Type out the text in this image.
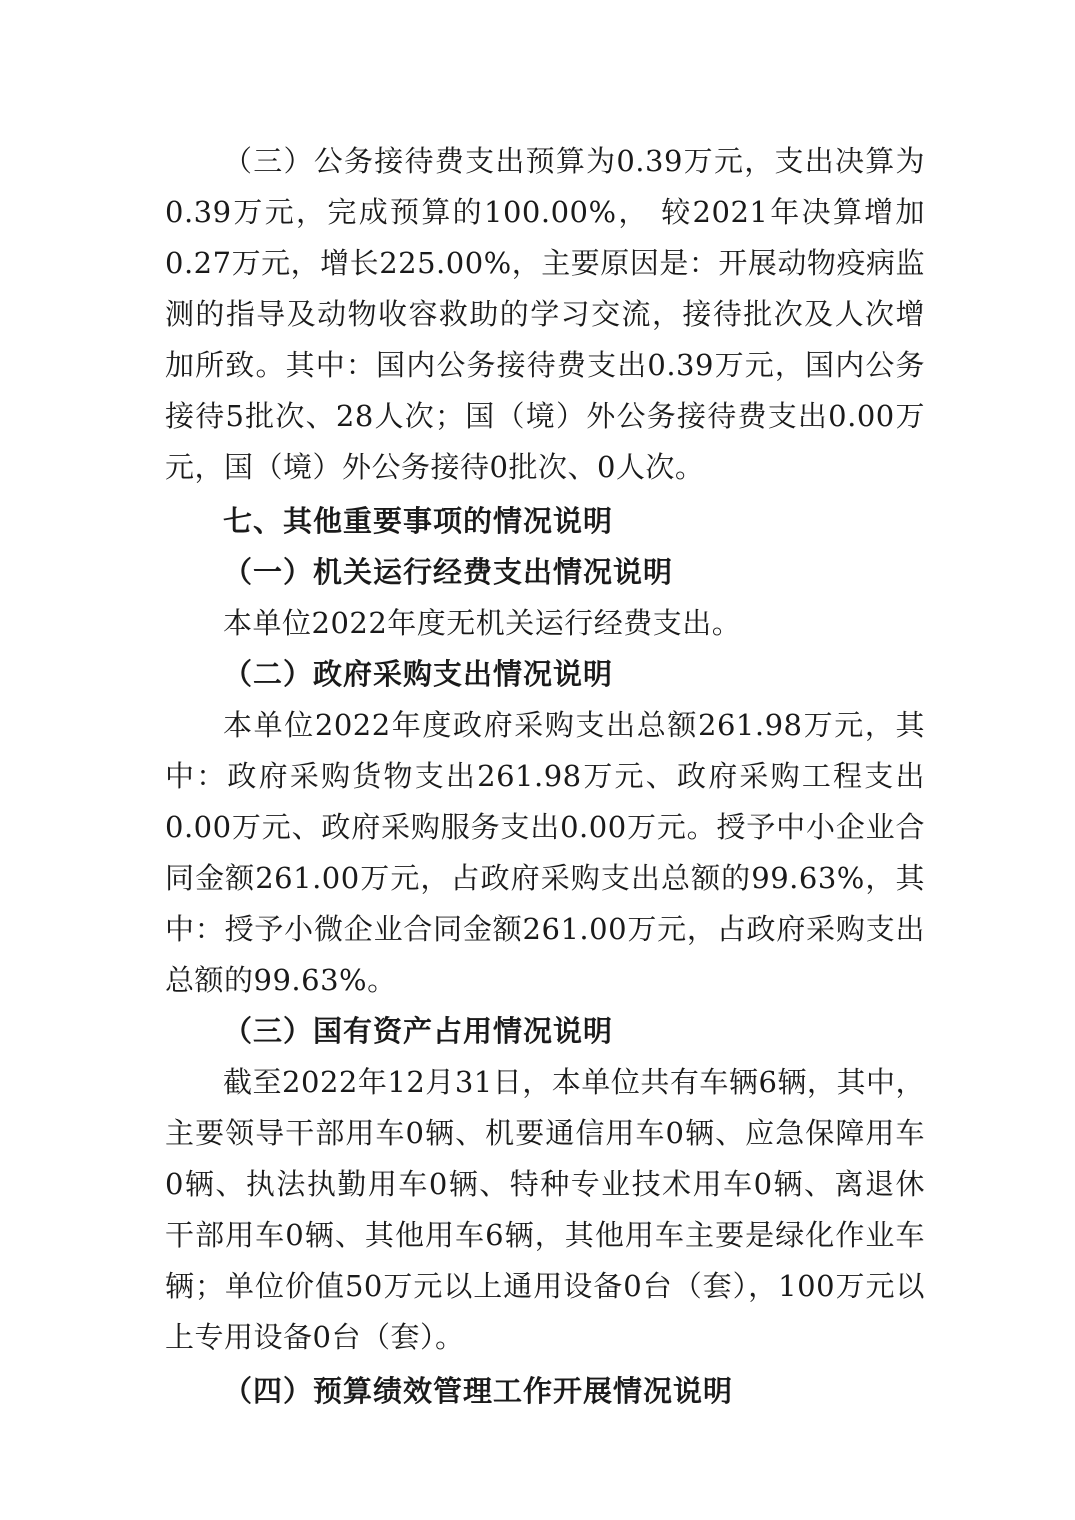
（三）公务接待费支出预算为0.39万元，支出决算为0.39万元，完成预算的100.00%， 较2021年决算增加0.27万元，增长225.00%，主要原因是：开展动物疫病监测的指导及动物收容救助的学习交流，接待批次及人次增加所致。其中：国内公务接待费支出0.39万元，国内公务接待5批次、28人次；国（境）外公务接待费支出0.00万元，国（境）外公务接待0批次、0人次。

七、其他重要事项的情况说明

（一）机关运行经费支出情况说明

本单位2022年度无机关运行经费支出。

（二）政府采购支出情况说明

本单位2022年度政府采购支出总额261.98万元，其中：政府采购货物支出261.98万元、政府采购工程支出0.00万元、政府采购服务支出0.00万元。授予中小企业合同金额261.00万元，占政府采购支出总额的99.63%，其中：授予小微企业合同金额261.00万元，占政府采购支出总额的99.63%。

（三）国有资产占用情况说明

截至2022年12月31日，本单位共有车辆6辆，其中，主要领导干部用车0辆、机要通信用车0辆、应急保障用车0辆、执法执勤用车0辆、特种专业技术用车0辆、离退休干部用车0辆、其他用车6辆，其他用车主要是绿化作业车辆；单位价值50万元以上通用设备0台（套），100万元以上专用设备0台（套）。

（四）预算绩效管理工作开展情况说明
